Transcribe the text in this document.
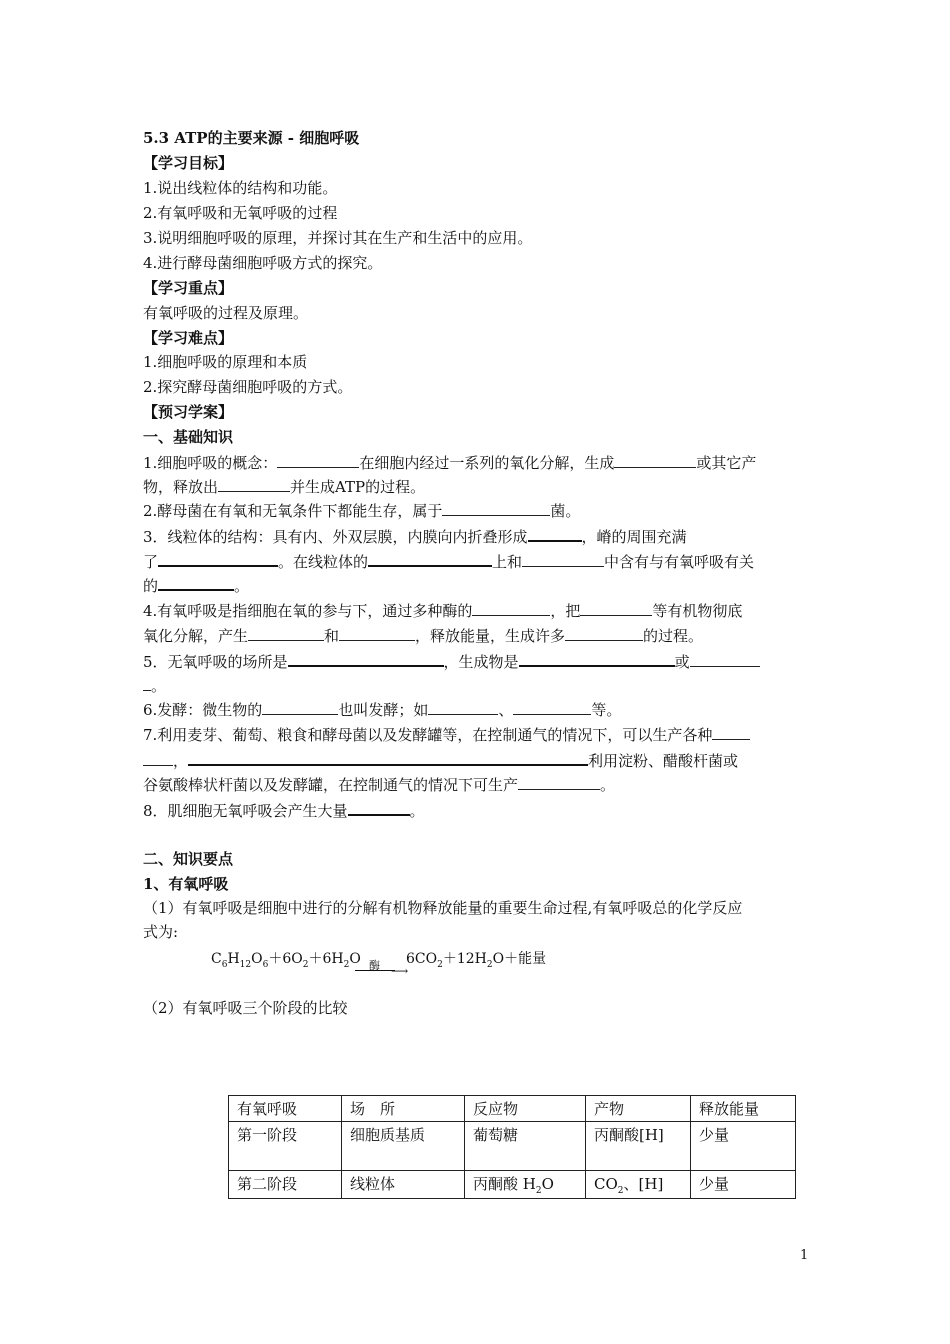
5.3 ATP的主要来源 - 细胞呼吸
【学习目标】
1.说出线粒体的结构和功能。
2.有氧呼吸和无氧呼吸的过程
3.说明细胞呼吸的原理，并探讨其在生产和生活中的应用。
4.进行酵母菌细胞呼吸方式的探究。
【学习重点】
有氧呼吸的过程及原理。
【学习难点】
1.细胞呼吸的原理和本质
2.探究酵母菌细胞呼吸的方式。
【预习学案】
一、基础知识
1.细胞呼吸的概念：	在细胞内经过一系列的氧化分解，生成	或其它产
物，释放出	并生成ATP的过程。
2.酵母菌在有氧和无氧条件下都能生存，属于	菌。
3．线粒体的结构：具有内、外双层膜，内膜向内折叠形成	，嵴的周围充满
了	。在线粒体的	上和	中含有与有氧呼吸有关
的	。
4.有氧呼吸是指细胞在氧的参与下，通过多种酶的	，把	等有机物彻底
氧化分解，产生	和	，释放能量，生成许多	的过程。
5．无氧呼吸的场所是	，生成物是	或
。
6.发酵：微生物的	也叫发酵；如	、	等。
7.利用麦芽、葡萄、粮食和酵母菌以及发酵罐等，在控制通气的情况下，可以生产各种
，	利用淀粉、醋酸杆菌或
谷氨酸棒状杆菌以及发酵罐，在控制通气的情况下可生产	。
8．肌细胞无氧呼吸会产生大量	。
二、知识要点
1、有氧呼吸
（1）有氧呼吸是细胞中进行的分解有机物释放能量的重要生命过程,有氧呼吸总的化学反应
式为:
$C_6H_{12}O_6+6O_2+6H_2O$ 酶 ⟶
$6CO_2+12H_2O+$能量
（2）有氧呼吸三个阶段的比较
有氧呼吸	场　所	反应物	产物	释放能量
第一阶段	细胞质基质	葡萄糖	丙酮酸[H]	少量
第二阶段	线粒体	丙酮酸 $H_2O$	$CO_2$、[H]	少量
1
